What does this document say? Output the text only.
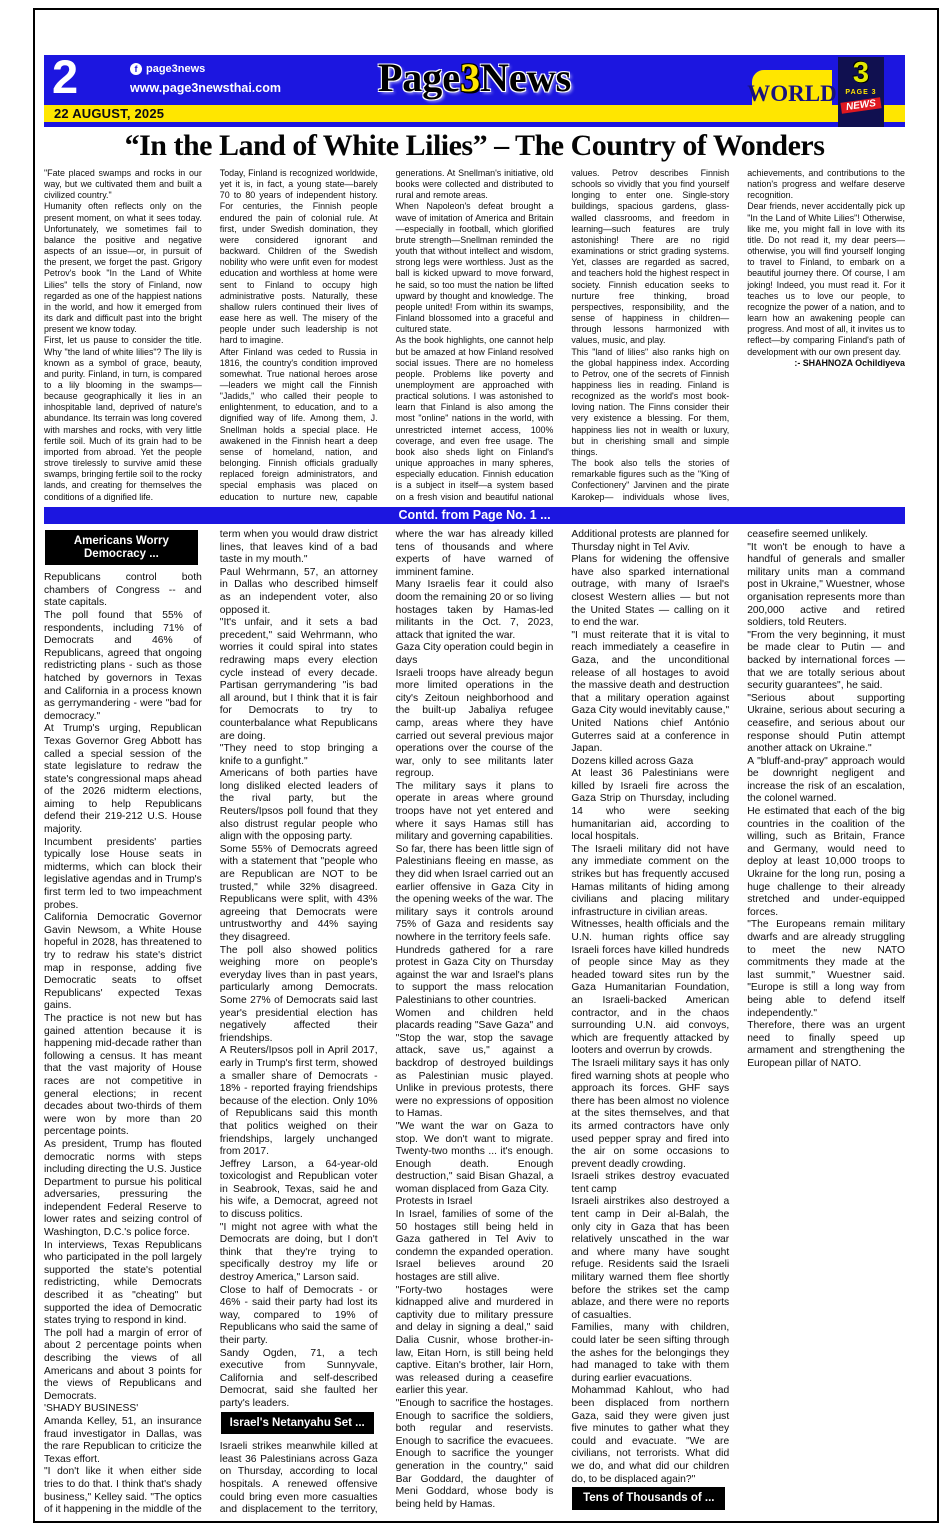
2	f page3news
www.page3newsthai.com	Page3News
22 AUGUST, 2025
WORLD
3
PAGE 3
NEWS
“In the Land of White Lilies” – The Country of Wonders

"Fate placed swamps and rocks in our way, but we cultivated them and built a civilized country."

Humanity often reflects only on the present moment, on what it sees today. Unfortunately, we sometimes fail to balance the positive and negative aspects of an issue—or, in pursuit of the present, we forget the past. Grigory Petrov's book "In the Land of White Lilies" tells the story of Finland, now regarded as one of the happiest nations in the world, and how it emerged from its dark and difficult past into the bright present we know today.

First, let us pause to consider the title. Why "the land of white lilies"? The lily is known as a symbol of grace, beauty, and purity. Finland, in turn, is compared to a lily blooming in the swamps—because geographically it lies in an inhospitable land, deprived of nature's abundance. Its terrain was long covered with marshes and rocks, with very little fertile soil. Much of its grain had to be imported from abroad. Yet the people strove tirelessly to survive amid these swamps, bringing fertile soil to the rocky lands, and creating for themselves the conditions of a dignified life.

Today, Finland is recognized worldwide, yet it is, in fact, a young state—barely 70 to 80 years of independent history. For centuries, the Finnish people endured the pain of colonial rule. At first, under Swedish domination, they were considered ignorant and backward. Children of the Swedish nobility who were unfit even for modest education and worthless at home were sent to Finland to occupy high administrative posts. Naturally, these shallow rulers continued their lives of ease here as well. The misery of the people under such leadership is not hard to imagine.

After Finland was ceded to Russia in 1816, the country's condition improved somewhat. True national heroes arose—leaders we might call the Finnish "Jadids," who called their people to enlightenment, to education, and to a dignified way of life. Among them, J. Snellman holds a special place. He awakened in the Finnish heart a deep sense of homeland, nation, and belonging. Finnish officials gradually replaced foreign administrators, and special emphasis was placed on education to nurture new, capable generations. At Snellman's initiative, old books were collected and distributed to rural and remote areas.

When Napoleon's defeat brought a wave of imitation of America and Britain—especially in football, which glorified brute strength—Snellman reminded the youth that without intellect and wisdom, strong legs were worthless. Just as the ball is kicked upward to move forward, he said, so too must the nation be lifted upward by thought and knowledge. The people united! From within its swamps, Finland blossomed into a graceful and cultured state.

As the book highlights, one cannot help but be amazed at how Finland resolved social issues. There are no homeless people. Problems like poverty and unemployment are approached with practical solutions. I was astonished to learn that Finland is also among the most "online" nations in the world, with unrestricted internet access, 100% coverage, and even free usage. The book also sheds light on Finland's unique approaches in many spheres, especially education. Finnish education is a subject in itself—a system based on a fresh vision and beautiful national values. Petrov describes Finnish schools so vividly that you find yourself longing to enter one. Single-story buildings, spacious gardens, glass-walled classrooms, and freedom in learning—such features are truly astonishing! There are no rigid examinations or strict grading systems. Yet, classes are regarded as sacred, and teachers hold the highest respect in society. Finnish education seeks to nurture free thinking, broad perspectives, responsibility, and the sense of happiness in children—through lessons harmonized with values, music, and play.

This "land of lilies" also ranks high on the global happiness index. According to Petrov, one of the secrets of Finnish happiness lies in reading. Finland is recognized as the world's most book-loving nation. The Finns consider their very existence a blessing. For them, happiness lies not in wealth or luxury, but in cherishing small and simple things.

The book also tells the stories of remarkable figures such as the "King of Confectionery" Jarvinen and the pirate Karokep— individuals whose lives, achievements, and contributions to the nation's progress and welfare deserve recognition.

Dear friends, never accidentally pick up "In the Land of White Lilies"! Otherwise, like me, you might fall in love with its title. Do not read it, my dear peers—otherwise, you will find yourself longing to travel to Finland, to embark on a beautiful journey there. Of course, I am joking! Indeed, you must read it. For it teaches us to love our people, to recognize the power of a nation, and to learn how an awakening people can progress. And most of all, it invites us to reflect—by comparing Finland's path of development with our own present day.

:- SHAHNOZA Ochildiyeva

Contd. from Page No. 1 ...
Americans Worry Democracy ...

Republicans control both chambers of Congress -- and state capitals.

The poll found that 55% of respondents, including 71% of Democrats and 46% of Republicans, agreed that ongoing redistricting plans - such as those hatched by governors in Texas and California in a process known as gerrymandering - were "bad for democracy."

At Trump's urging, Republican Texas Governor Greg Abbott has called a special session of the state legislature to redraw the state's congressional maps ahead of the 2026 midterm elections, aiming to help Republicans defend their 219-212 U.S. House majority.

Incumbent presidents' parties typically lose House seats in midterms, which can block their legislative agendas and in Trump's first term led to two impeachment probes.

California Democratic Governor Gavin Newsom, a White House hopeful in 2028, has threatened to try to redraw his state's district map in response, adding five Democratic seats to offset Republicans' expected Texas gains.

The practice is not new but has gained attention because it is happening mid-decade rather than following a census. It has meant that the vast majority of House races are not competitive in general elections; in recent decades about two-thirds of them were won by more than 20 percentage points.

As president, Trump has flouted democratic norms with steps including directing the U.S. Justice Department to pursue his political adversaries, pressuring the independent Federal Reserve to lower rates and seizing control of Washington, D.C.'s police force.

In interviews, Texas Republicans who participated in the poll largely supported the state's potential redistricting, while Democrats described it as "cheating" but supported the idea of Democratic states trying to respond in kind.

The poll had a margin of error of about 2 percentage points when describing the views of all Americans and about 3 points for the views of Republicans and Democrats.

'SHADY BUSINESS'

Amanda Kelley, 51, an insurance fraud investigator in Dallas, was the rare Republican to criticize the Texas effort.

"I don't like it when either side tries to do that. I think that's shady business," Kelley said. "The optics of it happening in the middle of the term when you would draw district lines, that leaves kind of a bad taste in my mouth."

Paul Wehrmann, 57, an attorney in Dallas who described himself as an independent voter, also opposed it.

"It's unfair, and it sets a bad precedent," said Wehrmann, who worries it could spiral into states redrawing maps every election cycle instead of every decade. Partisan gerrymandering "is bad all around, but I think that it is fair for Democrats to try to counterbalance what Republicans are doing.

"They need to stop bringing a knife to a gunfight."

Americans of both parties have long disliked elected leaders of the rival party, but the Reuters/Ipsos poll found that they also distrust regular people who align with the opposing party.

Some 55% of Democrats agreed with a statement that "people who are Republican are NOT to be trusted," while 32% disagreed. Republicans were split, with 43% agreeing that Democrats were untrustworthy and 44% saying they disagreed.

The poll also showed politics weighing more on people's everyday lives than in past years, particularly among Democrats. Some 27% of Democrats said last year's presidential election has negatively affected their friendships.

A Reuters/Ipsos poll in April 2017, early in Trump's first term, showed a smaller share of Democrats - 18% - reported fraying friendships because of the election. Only 10% of Republicans said this month that politics weighed on their friendships, largely unchanged from 2017.

Jeffrey Larson, a 64-year-old toxicologist and Republican voter in Seabrook, Texas, said he and his wife, a Democrat, agreed not to discuss politics.

"I might not agree with what the Democrats are doing, but I don't think that they're trying to specifically destroy my life or destroy America," Larson said.

Close to half of Democrats - or 46% - said their party had lost its way, compared to 19% of Republicans who said the same of their party.

Sandy Ogden, 71, a tech executive from Sunnyvale, California and self-described Democrat, said she faulted her party's leaders.

Israel's Netanyahu Set ...

Israeli strikes meanwhile killed at least 36 Palestinians across Gaza on Thursday, according to local hospitals. A renewed offensive could bring even more casualties and displacement to the territory, where the war has already killed tens of thousands and where experts of have warned of imminent famine.

Many Israelis fear it could also doom the remaining 20 or so living hostages taken by Hamas-led militants in the Oct. 7, 2023, attack that ignited the war.

Gaza City operation could begin in days

Israeli troops have already begun more limited operations in the city's Zeitoun neighborhood and the built-up Jabaliya refugee camp, areas where they have carried out several previous major operations over the course of the war, only to see militants later regroup.

The military says it plans to operate in areas where ground troops have not yet entered and where it says Hamas still has military and governing capabilities.

So far, there has been little sign of Palestinians fleeing en masse, as they did when Israel carried out an earlier offensive in Gaza City in the opening weeks of the war. The military says it controls around 75% of Gaza and residents say nowhere in the territory feels safe.

Hundreds gathered for a rare protest in Gaza City on Thursday against the war and Israel's plans to support the mass relocation Palestinians to other countries.

Women and children held placards reading "Save Gaza" and "Stop the war, stop the savage attack, save us," against a backdrop of destroyed buildings as Palestinian music played. Unlike in previous protests, there were no expressions of opposition to Hamas.

"We want the war on Gaza to stop. We don't want to migrate. Twenty-two months ... it's enough. Enough death. Enough destruction," said Bisan Ghazal, a woman displaced from Gaza City.

Protests in Israel

In Israel, families of some of the 50 hostages still being held in Gaza gathered in Tel Aviv to condemn the expanded operation. Israel believes around 20 hostages are still alive.

"Forty-two hostages were kidnapped alive and murdered in captivity due to military pressure and delay in signing a deal," said Dalia Cusnir, whose brother-in-law, Eitan Horn, is still being held captive. Eitan's brother, Iair Horn, was released during a ceasefire earlier this year.

"Enough to sacrifice the hostages. Enough to sacrifice the soldiers, both regular and reservists. Enough to sacrifice the evacuees. Enough to sacrifice the younger generation in the country," said Bar Goddard, the daughter of Meni Goddard, whose body is being held by Hamas.

Additional protests are planned for Thursday night in Tel Aviv.

Plans for widening the offensive have also sparked international outrage, with many of Israel's closest Western allies — but not the United States — calling on it to end the war.

"I must reiterate that it is vital to reach immediately a ceasefire in Gaza, and the unconditional release of all hostages to avoid the massive death and destruction that a military operation against Gaza City would inevitably cause," United Nations chief António Guterres said at a conference in Japan.

Dozens killed across Gaza

At least 36 Palestinians were killed by Israeli fire across the Gaza Strip on Thursday, including 14 who were seeking humanitarian aid, according to local hospitals.

The Israeli military did not have any immediate comment on the strikes but has frequently accused Hamas militants of hiding among civilians and placing military infrastructure in civilian areas.

Witnesses, health officials and the U.N. human rights office say Israeli forces have killed hundreds of people since May as they headed toward sites run by the Gaza Humanitarian Foundation, an Israeli-backed American contractor, and in the chaos surrounding U.N. aid convoys, which are frequently attacked by looters and overrun by crowds.

The Israeli military says it has only fired warning shots at people who approach its forces. GHF says there has been almost no violence at the sites themselves, and that its armed contractors have only used pepper spray and fired into the air on some occasions to prevent deadly crowding.

Israeli strikes destroy evacuated tent camp

Israeli airstrikes also destroyed a tent camp in Deir al-Balah, the only city in Gaza that has been relatively unscathed in the war and where many have sought refuge. Residents said the Israeli military warned them flee shortly before the strikes set the camp ablaze, and there were no reports of casualties.

Families, many with children, could later be seen sifting through the ashes for the belongings they had managed to take with them during earlier evacuations.

Mohammad Kahlout, who had been displaced from northern Gaza, said they were given just five minutes to gather what they could and evacuate. "We are civilians, not terrorists. What did we do, and what did our children do, to be displaced again?"

Tens of Thousands of ...

ceasefire seemed unlikely.

"It won't be enough to have a handful of generals and smaller military units man a command post in Ukraine," Wuestner, whose organisation represents more than 200,000 active and retired soldiers, told Reuters.

"From the very beginning, it must be made clear to Putin — and backed by international forces — that we are totally serious about security guarantees", he said.

"Serious about supporting Ukraine, serious about securing a ceasefire, and serious about our response should Putin attempt another attack on Ukraine."

A "bluff-and-pray" approach would be downright negligent and increase the risk of an escalation, the colonel warned.

He estimated that each of the big countries in the coalition of the willing, such as Britain, France and Germany, would need to deploy at least 10,000 troops to Ukraine for the long run, posing a huge challenge to their already stretched and under-equipped forces.

"The Europeans remain military dwarfs and are already struggling to meet the new NATO commitments they made at the last summit," Wuestner said. "Europe is still a long way from being able to defend itself independently."

Therefore, there was an urgent need to finally speed up armament and strengthening the European pillar of NATO.
